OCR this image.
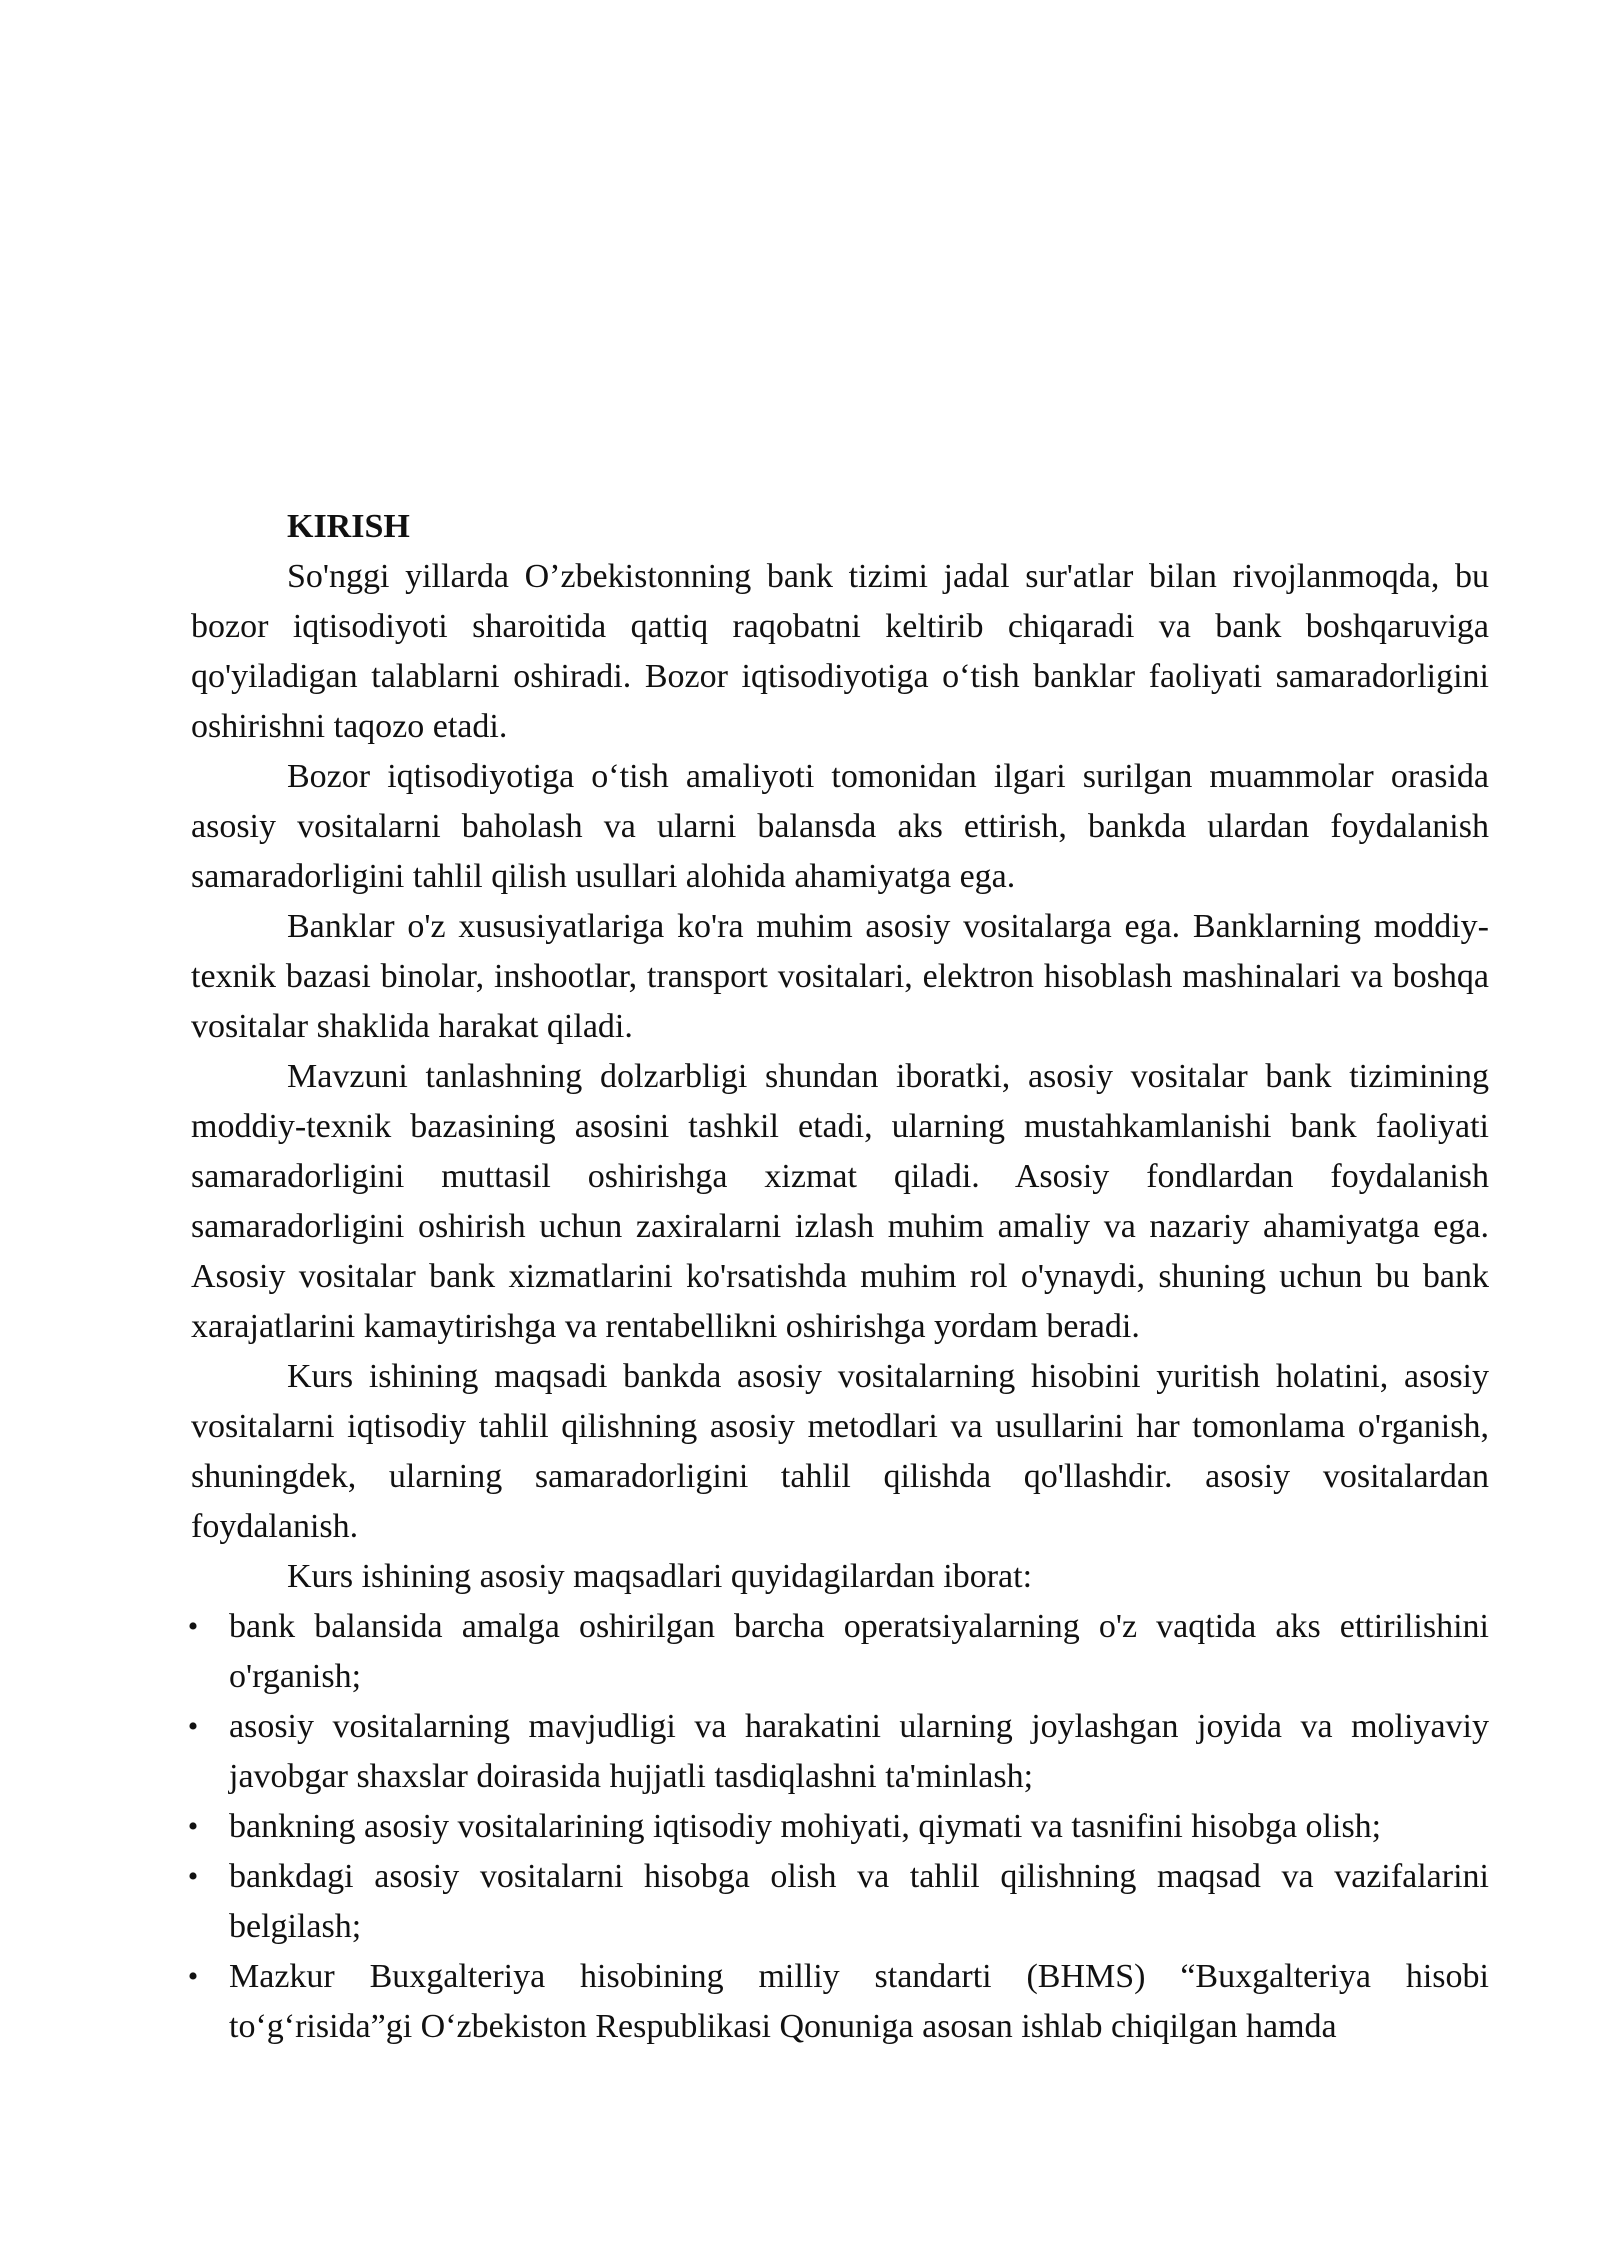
KIRISH

So'nggi yillarda O’zbekistonning bank tizimi jadal sur'atlar bilan rivojlanmoqda, bu bozor iqtisodiyoti sharoitida qattiq raqobatni keltirib chiqaradi va bank boshqaruviga qo'yiladigan talablarni oshiradi. Bozor iqtisodiyotiga o‘tish banklar faoliyati samaradorligini oshirishni taqozo etadi.

Bozor iqtisodiyotiga o‘tish amaliyoti tomonidan ilgari surilgan muammolar orasida asosiy vositalarni baholash va ularni balansda aks ettirish, bankda ulardan foydalanish samaradorligini tahlil qilish usullari alohida ahamiyatga ega.

Banklar o'z xususiyatlariga ko'ra muhim asosiy vositalarga ega. Banklarning moddiy-texnik bazasi binolar, inshootlar, transport vositalari, elektron hisoblash mashinalari va boshqa vositalar shaklida harakat qiladi.

Mavzuni tanlashning dolzarbligi shundan iboratki, asosiy vositalar bank tizimining moddiy-texnik bazasining asosini tashkil etadi, ularning mustahkamlanishi bank faoliyati samaradorligini muttasil oshirishga xizmat qiladi. Asosiy fondlardan foydalanish samaradorligini oshirish uchun zaxiralarni izlash muhim amaliy va nazariy ahamiyatga ega. Asosiy vositalar bank xizmatlarini ko'rsatishda muhim rol o'ynaydi, shuning uchun bu bank xarajatlarini kamaytirishga va rentabellikni oshirishga yordam beradi.

Kurs ishining maqsadi bankda asosiy vositalarning hisobini yuritish holatini, asosiy vositalarni iqtisodiy tahlil qilishning asosiy metodlari va usullarini har tomonlama o'rganish, shuningdek, ularning samaradorligini tahlil qilishda qo'llashdir. asosiy vositalardan foydalanish.

Kurs ishining asosiy maqsadlari quyidagilardan iborat:

• bank balansida amalga oshirilgan barcha operatsiyalarning o'z vaqtida aks ettirilishini o'rganish;
• asosiy vositalarning mavjudligi va harakatini ularning joylashgan joyida va moliyaviy javobgar shaxslar doirasida hujjatli tasdiqlashni ta'minlash;
• bankning asosiy vositalarining iqtisodiy mohiyati, qiymati va tasnifini hisobga olish;
• bankdagi asosiy vositalarni hisobga olish va tahlil qilishning maqsad va vazifalarini belgilash;
• Mazkur Buxgalteriya hisobining milliy standarti (BHMS) “Buxgalteriya hisobi to‘g‘risida”gi O‘zbekiston Respublikasi Qonuniga asosan ishlab chiqilgan hamda
